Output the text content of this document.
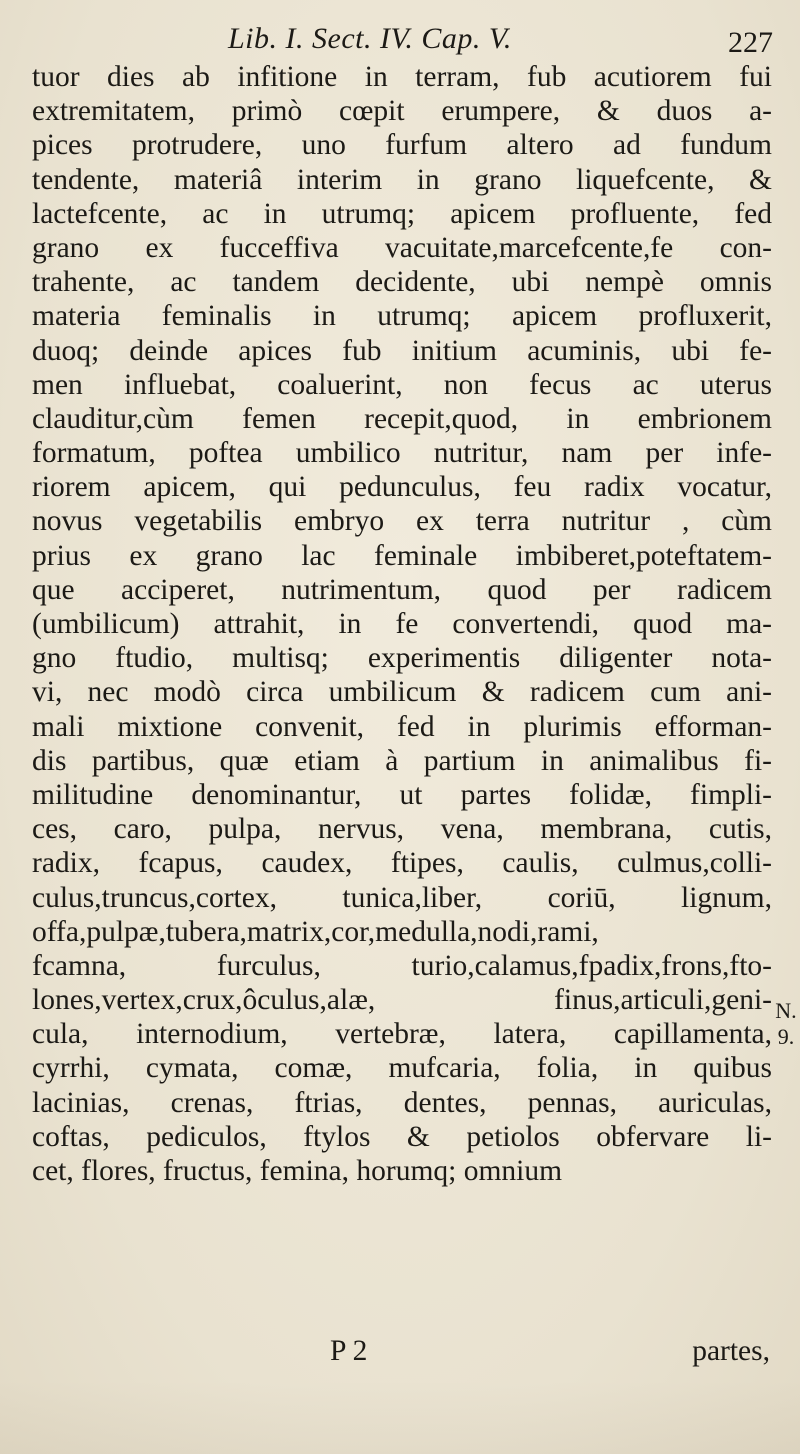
Lib. I. Sect. IV. Cap. V.	227
tuor dies ab infitione in terram, fub acutiorem fui
extremitatem, primò cœpit erumpere, & duos a-
pices protrudere, uno furfum altero ad fundum
tendente, materiâ interim in grano liquefcente, &
lactefcente, ac in utrumq; apicem profluente, fed
grano ex fucceffiva vacuitate,marcefcente,fe con-
trahente, ac tandem decidente, ubi nempè omnis
materia feminalis in utrumq; apicem profluxerit,
duoq; deinde apices fub initium acuminis, ubi fe-
men influebat, coaluerint, non fecus ac uterus
clauditur,cùm femen recepit,quod, in embrionem
formatum, poftea umbilico nutritur, nam per infe-
riorem apicem, qui pedunculus, feu radix vocatur,
novus vegetabilis embryo ex terra nutritur , cùm
prius ex grano lac feminale imbiberet,poteftatem-
que acciperet, nutrimentum, quod per radicem
(umbilicum) attrahit, in fe convertendi, quod ma-
gno ftudio, multisq; experimentis diligenter nota-
vi, nec modò circa umbilicum & radicem cum ani-
mali mixtione convenit, fed in plurimis efforman-
dis partibus, quæ etiam à partium in animalibus fi-
militudine denominantur, ut partes folidæ, fimpli-
ces, caro, pulpa, nervus, vena, membrana, cutis,
radix, fcapus, caudex, ftipes, caulis, culmus,colli-
culus,truncus,cortex, tunica,liber, coriū, lignum,
offa,pulpæ,tubera,matrix,cor,medulla,nodi,rami,
fcamna, furculus, turio,calamus,fpadix,frons,fto-
lones,vertex,crux,ôculus,alæ, finus,articuli,geni-
cula, internodium, vertebræ, latera, capillamenta,
cyrrhi, cymata, comæ, mufcaria, folia, in quibus
lacinias, crenas, ftrias, dentes, pennas, auriculas,
coftas, pediculos, ftylos & petiolos obfervare li-
cet, flores, fructus, femina, horumq; omnium
N.
9.
P 2	partes,
